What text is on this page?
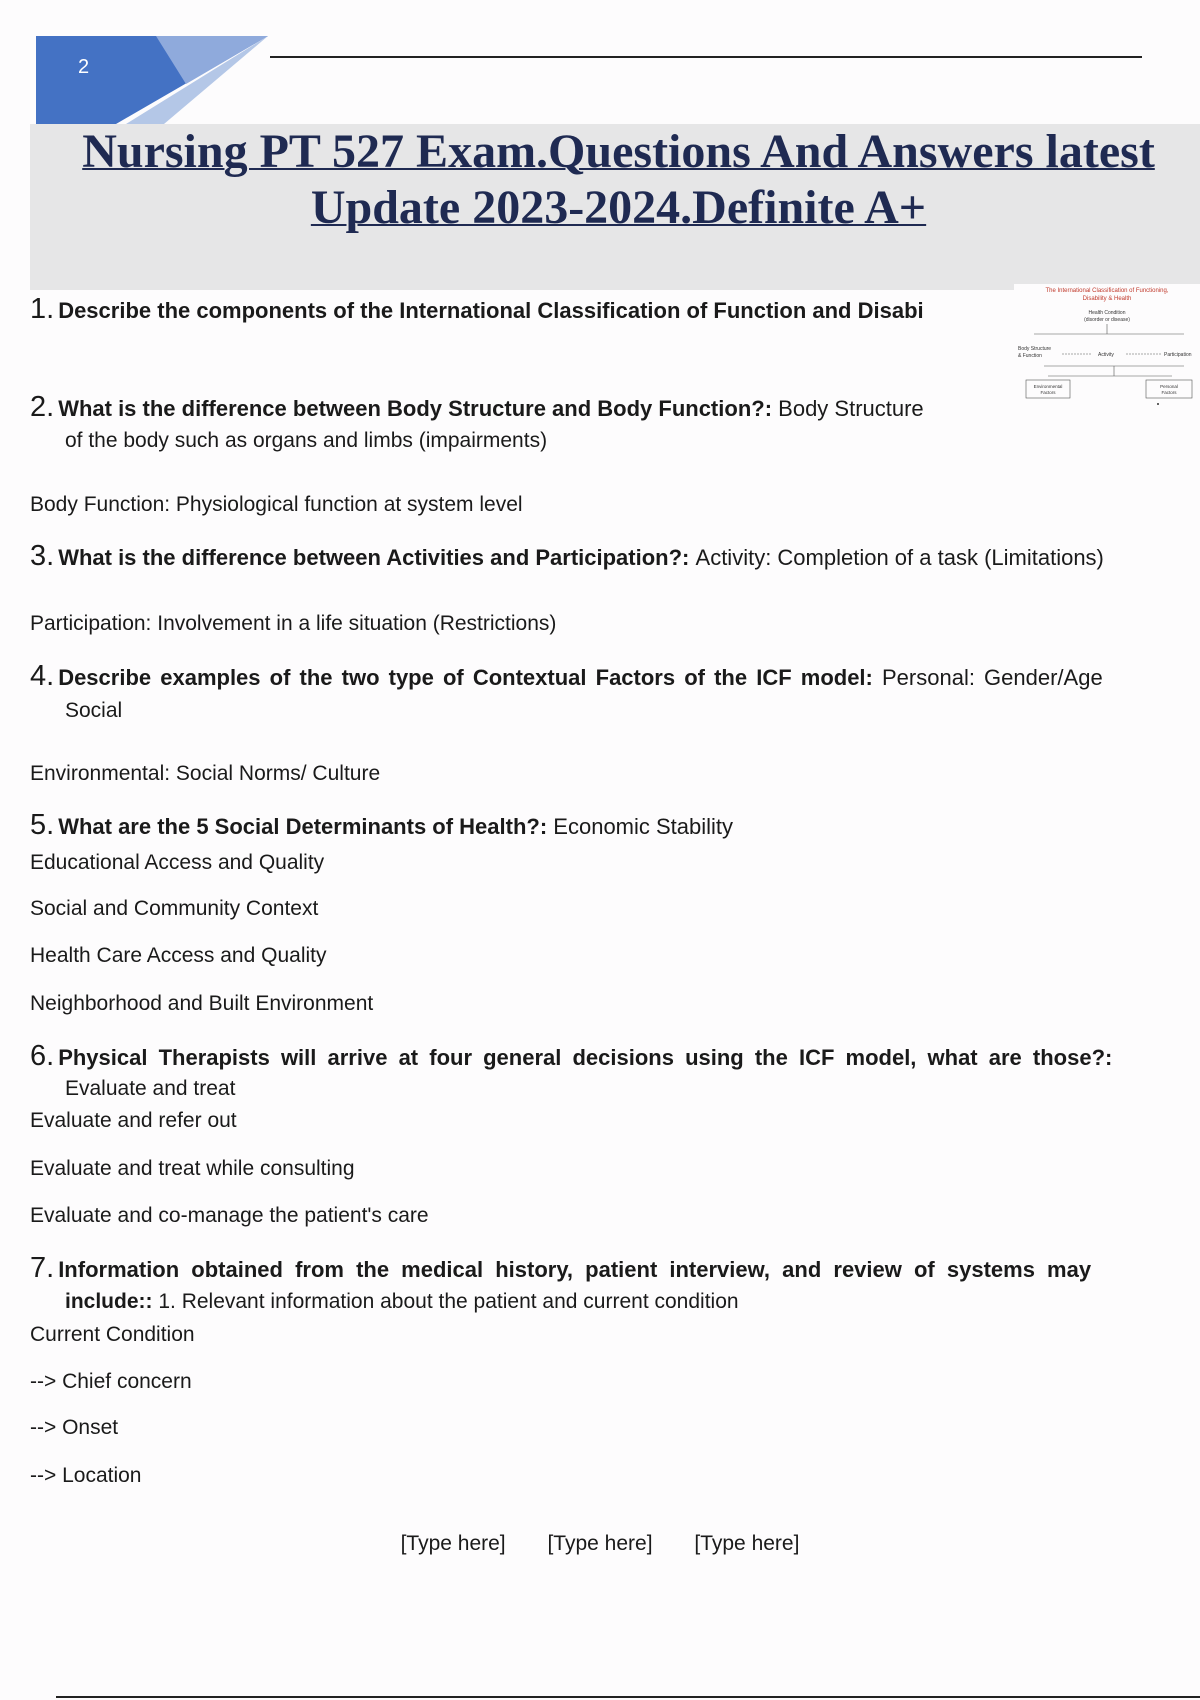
2
Nursing PT 527 Exam.Questions And Answers latest
Update 2023-2024.Definite A+
The International Classification of Functioning,
Disability & Health
Health Condition
(disorder or disease)
Body Structure
& Function	Activity	Participation
Environmental
Factors
Personal
Factors
1. Describe the components of the International Classification of Function and Disabi
2. What is the difference between Body Structure and Body Function?: Body Structure
of the body such as organs and limbs (impairments)
Body Function: Physiological function at system level
3. What is the difference between Activities and Participation?: Activity: Completion of a task (Limitations)
Participation: Involvement in a life situation (Restrictions)
4. Describe examples of the two type of Contextual Factors of the ICF model: Personal: Gender/Age
Social
Environmental: Social Norms/ Culture
5. What are the 5 Social Determinants of Health?: Economic Stability
Educational Access and Quality
Social and Community Context
Health Care Access and Quality
Neighborhood and Built Environment
6. Physical Therapists will arrive at four general decisions using the ICF model, what are those?:
Evaluate and treat
Evaluate and refer out
Evaluate and treat while consulting
Evaluate and co-manage the patient's care
7. Information obtained from the medical history, patient interview, and review of systems may
include:: 1. Relevant information about the patient and current condition
Current Condition
--> Chief concern
--> Onset
--> Location
[Type here] [Type here] [Type here]
